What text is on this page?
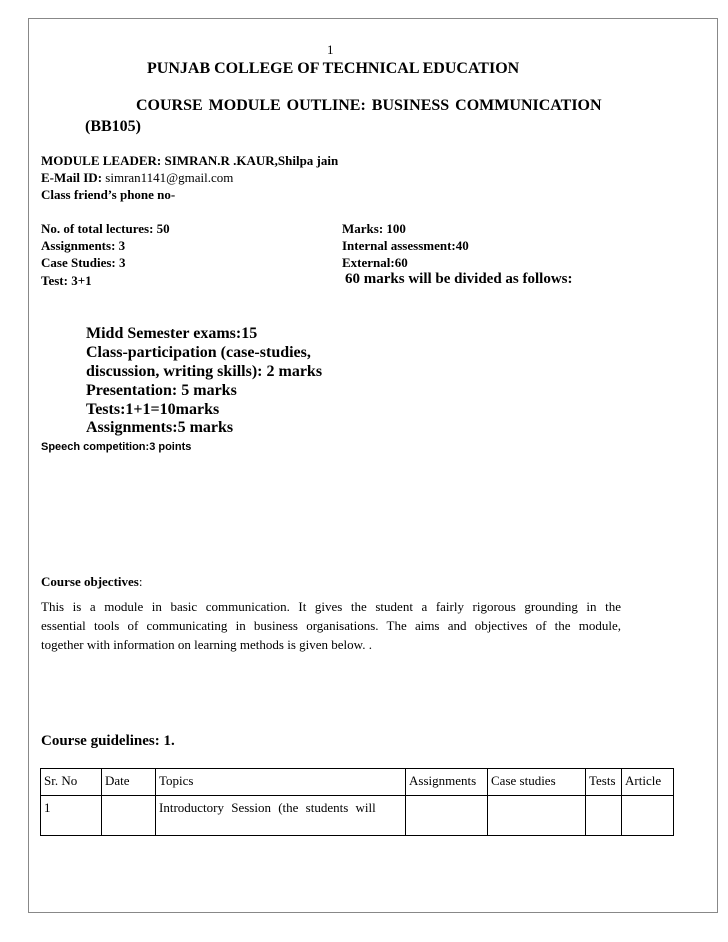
1
PUNJAB COLLEGE OF TECHNICAL EDUCATION
COURSE MODULE OUTLINE: BUSINESS COMMUNICATION
(BB105)
MODULE LEADER: SIMRAN.R .KAUR,Shilpa jain
E-Mail ID: simran1141@gmail.com
Class friend’s phone no-
No. of total lectures: 50
Assignments: 3
Case Studies: 3
Test: 3+1
Marks: 100
Internal assessment:40
External:60
60 marks will be divided as follows:
Midd Semester exams:15
Class-participation (case-studies,
discussion, writing skills): 2 marks
Presentation: 5 marks
Tests:1+1=10marks
Assignments:5 marks
Speech competition:3 points
Course objectives:
This is a module in basic communication. It gives the student a fairly rigorous grounding in the
essential tools of communicating in business organisations. The aims and objectives of the module,
together with information on learning methods is given below. .
Course guidelines: 1.
Sr. No	Date	Topics	Assignments	Case studies	Tests	Article
1		Introductory Session (the students will				
